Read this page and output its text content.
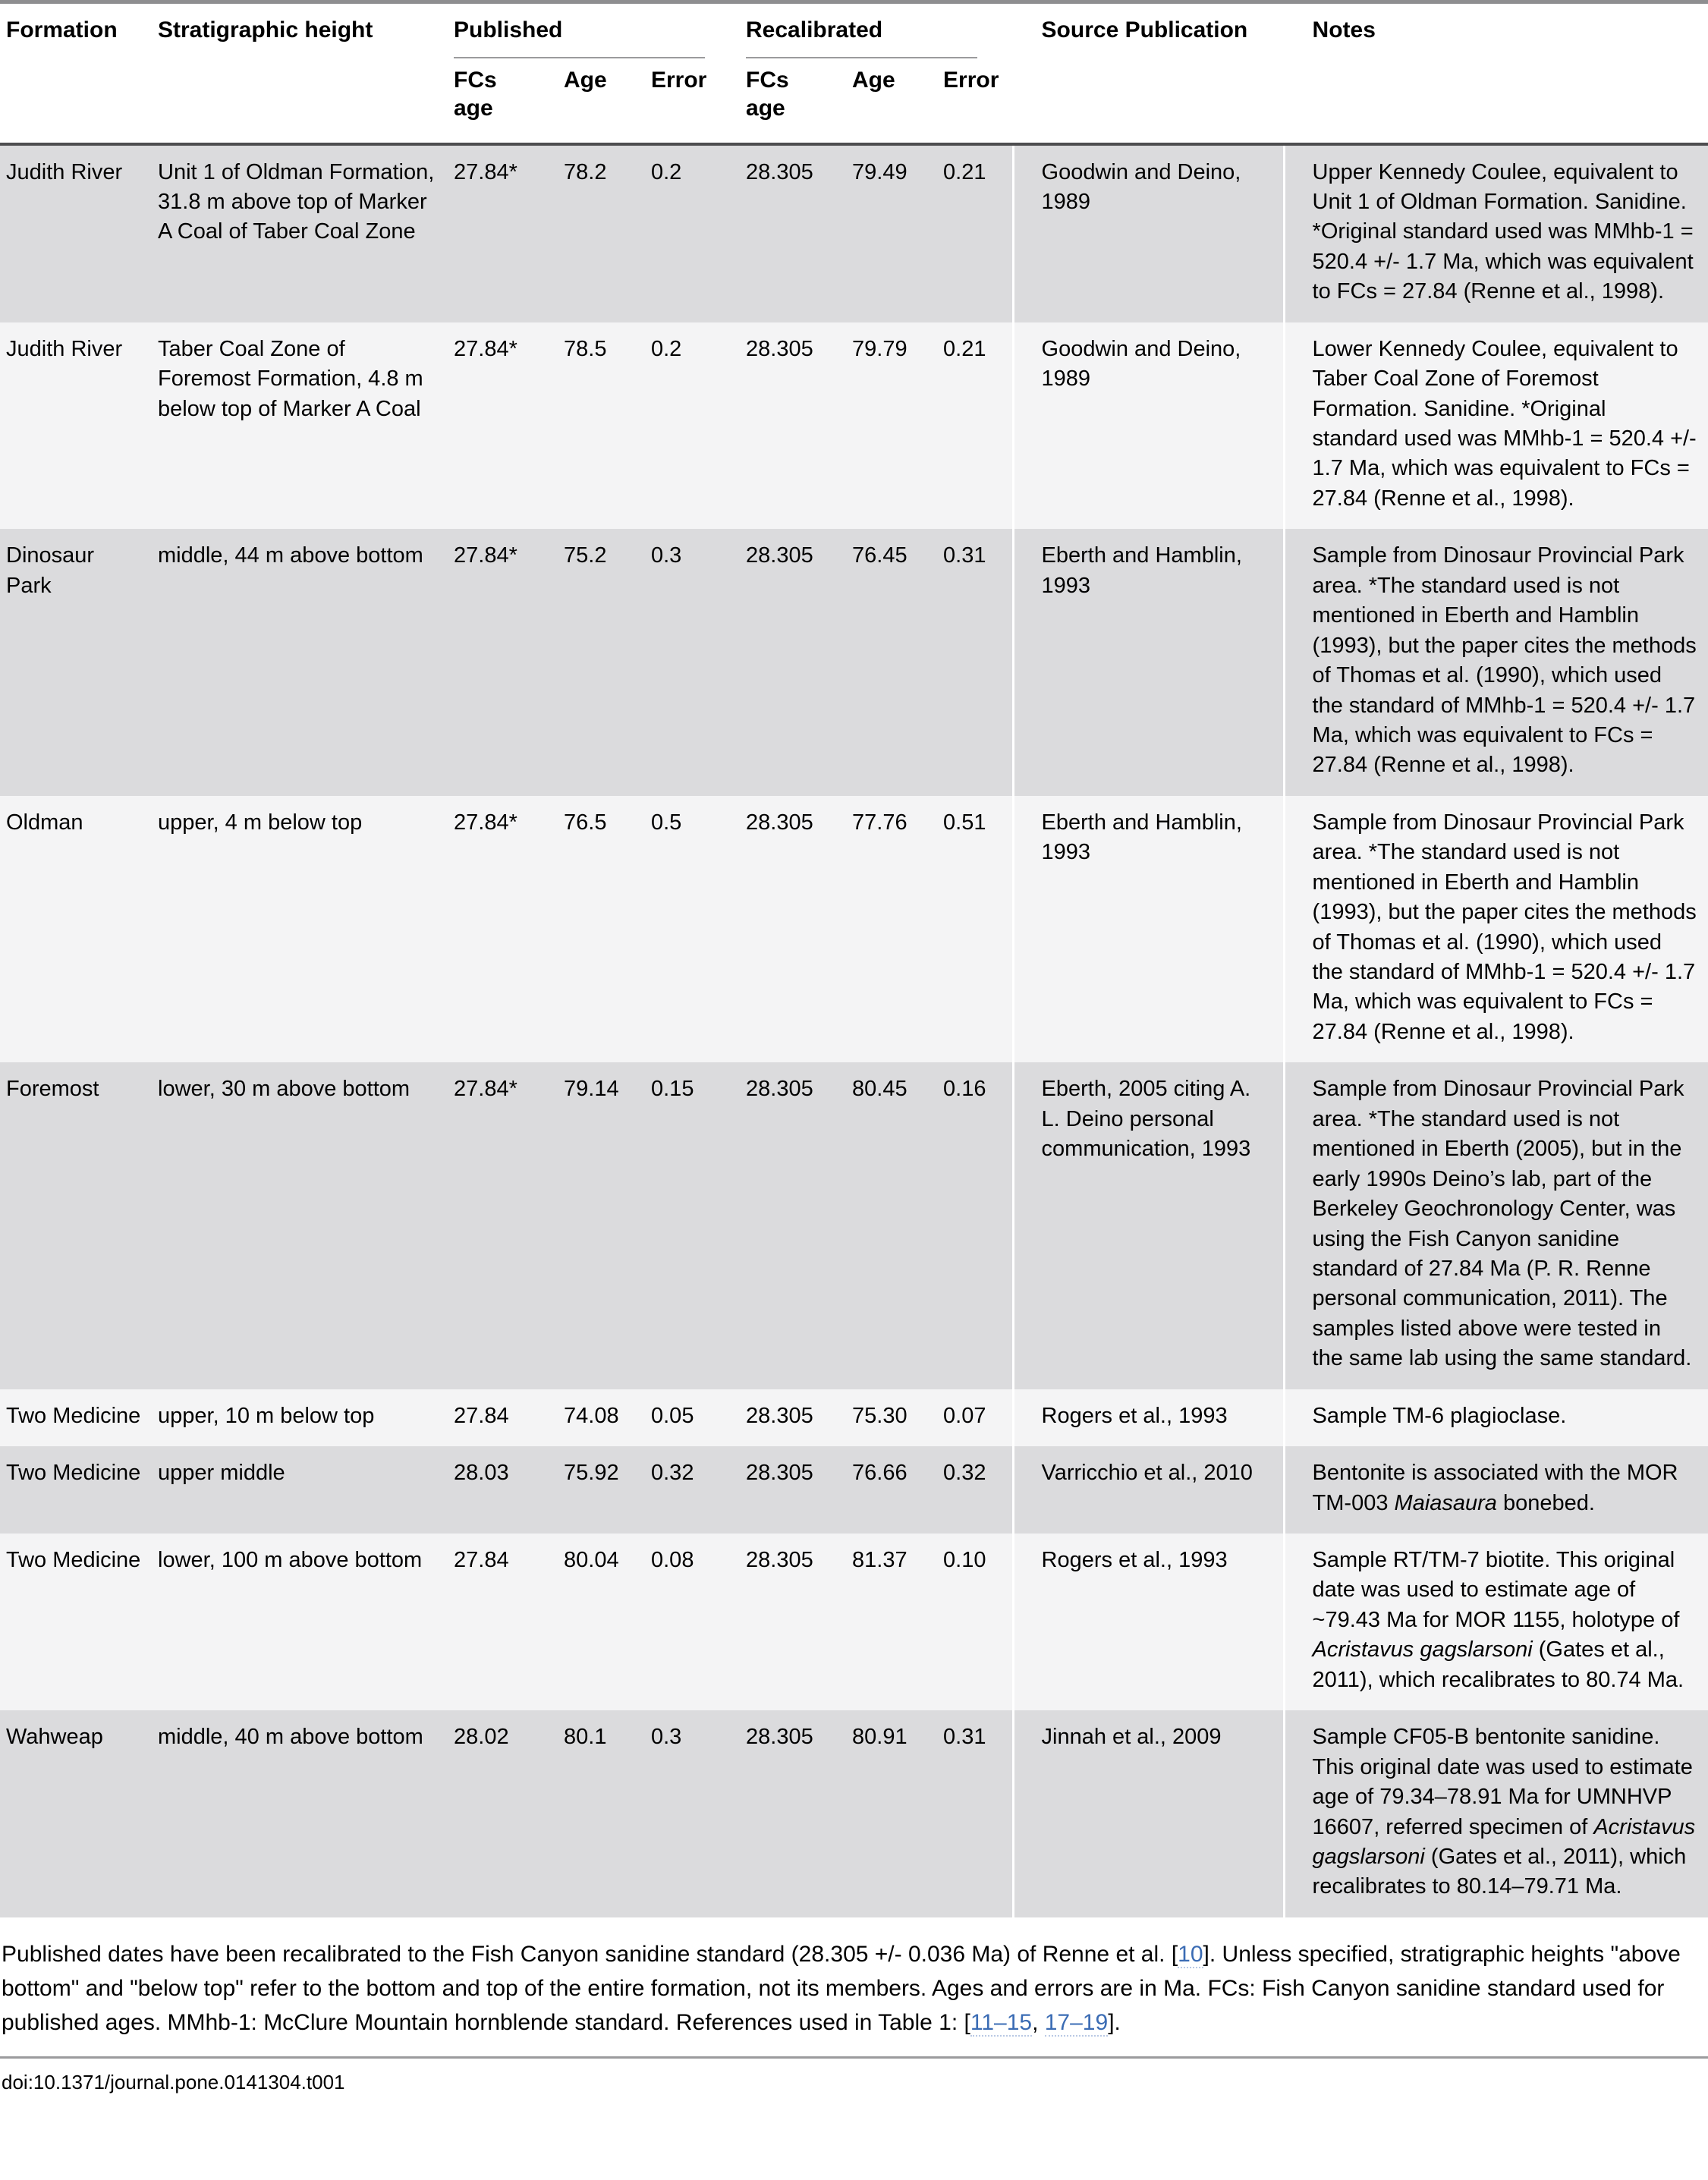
Formation	Stratigraphic height	Published			Recalibrated			Source Publication	Notes
		FCs age	Age	Error	FCs age	Age	Error		
Judith River	Unit 1 of Oldman Formation, 31.8 m above top of Marker A Coal of Taber Coal Zone	27.84*	78.2	0.2	28.305	79.49	0.21	Goodwin and Deino, 1989	Upper Kennedy Coulee, equivalent to Unit 1 of Oldman Formation. Sanidine. *Original standard used was MMhb-1 = 520.4 +/- 1.7 Ma, which was equivalent to FCs = 27.84 (Renne et al., 1998).
Judith River	Taber Coal Zone of Foremost Formation, 4.8 m below top of Marker A Coal	27.84*	78.5	0.2	28.305	79.79	0.21	Goodwin and Deino, 1989	Lower Kennedy Coulee, equivalent to Taber Coal Zone of Foremost Formation. Sanidine. *Original standard used was MMhb-1 = 520.4 +/- 1.7 Ma, which was equivalent to FCs = 27.84 (Renne et al., 1998).
Dinosaur Park	middle, 44 m above bottom	27.84*	75.2	0.3	28.305	76.45	0.31	Eberth and Hamblin, 1993	Sample from Dinosaur Provincial Park area. *The standard used is not mentioned in Eberth and Hamblin (1993), but the paper cites the methods of Thomas et al. (1990), which used the standard of MMhb-1 = 520.4 +/- 1.7 Ma, which was equivalent to FCs = 27.84 (Renne et al., 1998).
Oldman	upper, 4 m below top	27.84*	76.5	0.5	28.305	77.76	0.51	Eberth and Hamblin, 1993	Sample from Dinosaur Provincial Park area. *The standard used is not mentioned in Eberth and Hamblin (1993), but the paper cites the methods of Thomas et al. (1990), which used the standard of MMhb-1 = 520.4 +/- 1.7 Ma, which was equivalent to FCs = 27.84 (Renne et al., 1998).
Foremost	lower, 30 m above bottom	27.84*	79.14	0.15	28.305	80.45	0.16	Eberth, 2005 citing A. L. Deino personal communication, 1993	Sample from Dinosaur Provincial Park area. *The standard used is not mentioned in Eberth (2005), but in the early 1990s Deino’s lab, part of the Berkeley Geochronology Center, was using the Fish Canyon sanidine standard of 27.84 Ma (P. R. Renne personal communication, 2011). The samples listed above were tested in the same lab using the same standard.
Two Medicine	upper, 10 m below top	27.84	74.08	0.05	28.305	75.30	0.07	Rogers et al., 1993	Sample TM-6 plagioclase.
Two Medicine	upper middle	28.03	75.92	0.32	28.305	76.66	0.32	Varricchio et al., 2010	Bentonite is associated with the MOR TM-003 Maiasaura bonebed.
Two Medicine	lower, 100 m above bottom	27.84	80.04	0.08	28.305	81.37	0.10	Rogers et al., 1993	Sample RT/TM-7 biotite. This original date was used to estimate age of ~79.43 Ma for MOR 1155, holotype of Acristavus gagslarsoni (Gates et al., 2011), which recalibrates to 80.74 Ma.
Wahweap	middle, 40 m above bottom	28.02	80.1	0.3	28.305	80.91	0.31	Jinnah et al., 2009	Sample CF05-B bentonite sanidine. This original date was used to estimate age of 79.34–78.91 Ma for UMNHVP 16607, referred specimen of Acristavus gagslarsoni (Gates et al., 2011), which recalibrates to 80.14–79.71 Ma.
Published dates have been recalibrated to the Fish Canyon sanidine standard (28.305 +/- 0.036 Ma) of Renne et al. [10]. Unless specified, stratigraphic heights "above bottom" and "below top" refer to the bottom and top of the entire formation, not its members. Ages and errors are in Ma. FCs: Fish Canyon sanidine standard used for published ages. MMhb-1: McClure Mountain hornblende standard. References used in Table 1: [11–15, 17–19].
doi:10.1371/journal.pone.0141304.t001
